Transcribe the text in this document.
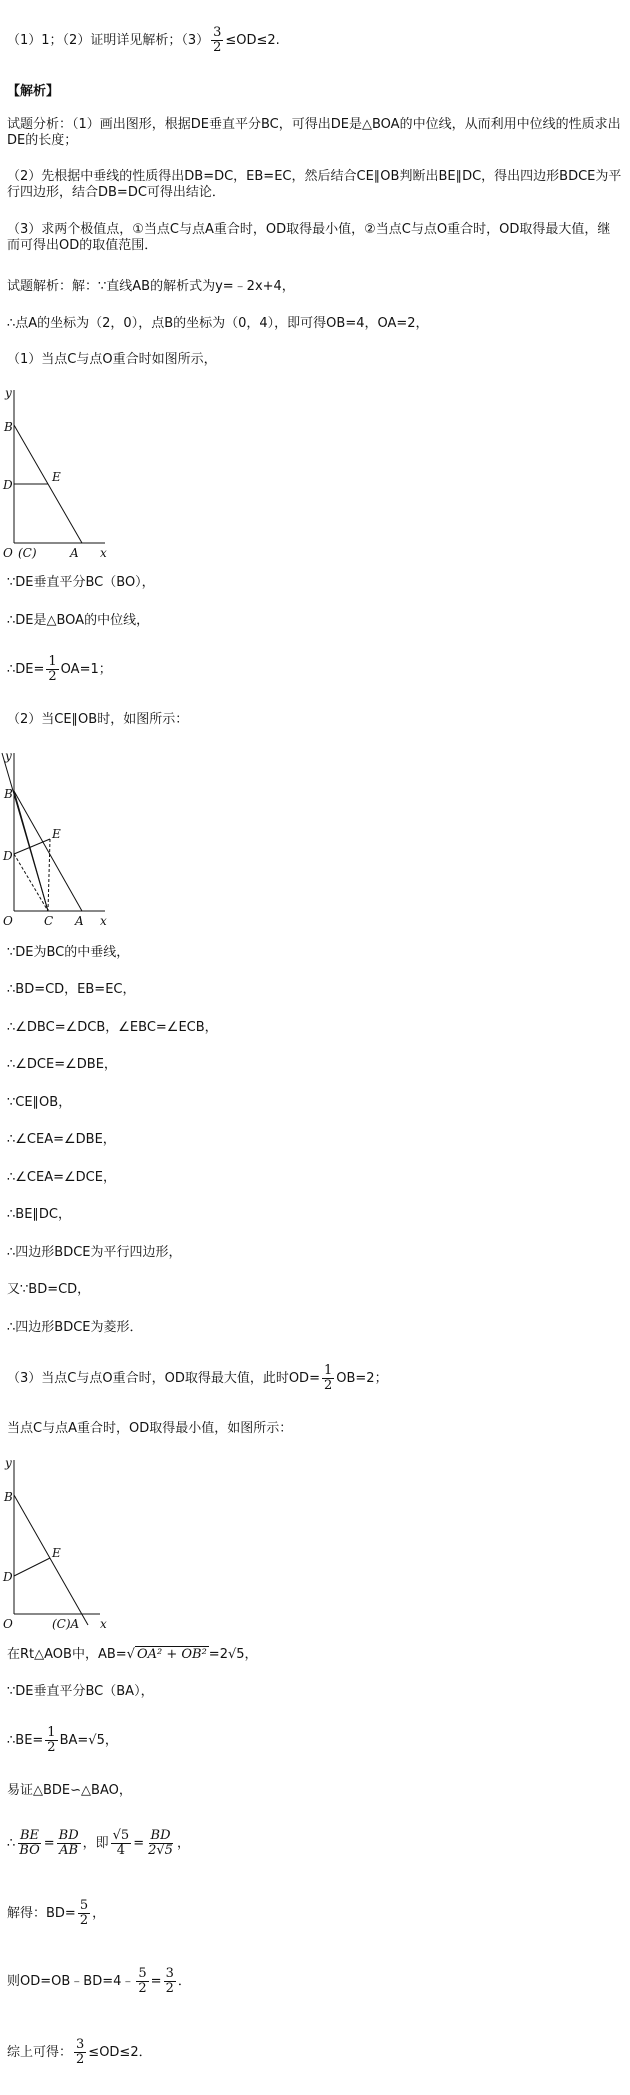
（1）1；（2）证明详见解析；$(3) \frac{3}{2} \le OD\le 2$.
【解析】
试题分析：（1）画出图形，根据DE垂直平分BC，可得出DE是△BOA的中位线，从而利用中位线的性质求出DE的长度；
（2）先根据中垂线的性质得出DB=DC，EB=EC，然后结合CE∥OB判断出BE∥DC，得出四边形BDCE为平行四边形，结合DB=DC可得出结论．
（3）求两个极值点，①当点C与点A重合时，OD取得最小值，②当点C与点O重合时，OD取得最大值，继而可得出OD的取值范围．
试题解析：解：∵直线AB的解析式为y=﹣2x+4，
∴点A的坐标为（2，0），点B的坐标为（0，4），即可得OB=4，OA=2，
（1）当点C与点O重合时如图所示，
y
B
D
E
O (C)	A x
∵DE垂直平分BC（BO），
∴DE是△BOA的中位线，
∴DE= $\frac{1}{2} OA=1$；
（2）当CE∥OB时，如图所示：
y
B
D
E
O	C A x
∵DE为BC的中垂线，
∴BD=CD，EB=EC，
∴∠DBC=∠DCB，∠EBC=∠ECB，
∴∠DCE=∠DBE，
∵CE∥OB，
∴∠CEA=∠DBE，
∴∠CEA=∠DCE，
∴BE∥DC，
∴四边形BDCE为平行四边形，
又∵BD=CD，
∴四边形BDCE为菱形．
（3）当点C与点O重合时，OD取得最大值，此时$OD= \frac{1}{2} OB=2$；
当点C与点A重合时，OD取得最小值，如图所示：
y
B
D
E
O	(C)A x
在Rt△AOB中，AB=√ OA² + OB² =2√5，
∵DE垂直平分BC（BA），
∴BE= $\frac{1}{2} BA=√5$，
易证△BDE∽△BAO，
∴ $\frac{BE}{BO} = \frac{BD}{AB}$ ，即 $\frac{√5}{4} = \frac{BD}{2√5}$ ，
解得：$BD= \frac{5}{2}$ ，
则OD=OB﹣BD=4﹣ $\frac{5}{2} = \frac{3}{2}$ ．
综上可得： $\frac{3}{2} \le OD\le 2$．
